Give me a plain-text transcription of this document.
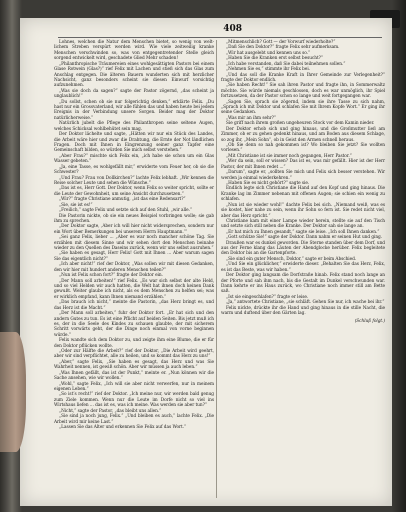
408

Lohnes, welchen die Natur dem Menschen bietet, so wenig von welt-lichem Streben verspürt werden wird. Wie viele zeitweilig kranke Menschen verschwinden so, was von entgegentretender Stelle gleich sorgend entwickelt wird, geschadete Glied Mehr schaden!

„Philanthropische Träumereien eines wohlgesättigten Pastors bei einem Glase Rotwein (Glas?)“ rief Felix mit Lachen und stieß sich das Glas zum Anschlag entgegen. Die älteren Bauern wunderten sich mit herzlicher Nachsicht, ganz besonders scheint sie diesen Einwurf vorsichtig aufzunehmen.

„Was sie doch da sagen?“ sagte der Pastor zögernd, „das scheint ja unglaublich!“

„Du sollst, schen ob sie nur folgerichtig denken,“ erklärte Felix. „Du hast nur ein Grossvaterland, wir alle fühlen das und haben heute bei jedem Ereignis in der Verbindung unsere Sorgen. Beider mag der Doktor natürlicherweise.“

Natürlich jubelt die Pflege des Philanthropen seine seltene Augen, welches Schicksal wohlbehütet sein mag.

Der Doktor lächelte und sagte, „Hätten wir nur ein Stück des Landes, die Arbeit wäre hier und zwar die Drahtung, die Ernte der Not ländlichen Fragen. Doch mit Ihnen in Eingrenzung seiner ganz Tapfer eine Gemeinschaft bilden, so würden Sie mich selbst verstehen.“

„Aber Frau?“ mischte sich Felix ein, „ich habe sie schon um ein Glas Wasser gebeten.“

„Ja, eine Tasse, es wohlgefällt mir,“ erwiderte vom Feuer her, ob sie die Schwester?

„Und Frau? Frau von Dollkirchen?“ lachte Felix lebhaft. „Wir kennen die Reise solcher Leute und sehen die Wünsche.“

„Das ist es, Herr Gott. Der Doktor, wenn Felix so weiter spricht, sollte er die Leute der Gewohnheit, um seine Ansicht durchzusetzen.“

„Wir?“ fragte Christiane anmutig, „ist das eine Redensart?“

„Sie, sie ist es!“

„Freilich,“ sagte Felix und setzte sich auf den Stuhl, „wir alle.“

Die Pastorin nickte, ob sie ein neues Beispiel vorbringen wolle; sie gab ihm zu sprechen.

„Der Doktor sagte, ‚Aber ich will hier nicht widersprechen, sondern nur ein Wort über Bemerkungen bei unserem Herrn Hauptmann.‘“

„Sei ganz Felix, lieber ... „Aber es war noch mancher schöne Tag. Sie erzählen mit diesem Sinne und wir sehen dort den Menschen beinahe wieder zu den Quellen des Daseins zurück, wenn wir uns selbst ausruhen.“

„Sie haben es gesagt, Herr Felix! Gott mit Ihnen ... Aber warum sagen Sie das eigentlich nicht?“

„Ich aber nicht!“ rief der Doktor, „Was sollen wir mit diesen Gedanken, den wir hier mit hundert anderen Menschen teilen?“

„Nun ist Felix schon fort?“ fragte der Doktor ein.

„Der Mann soll arbeiten!“ rief Felix. „Es war sich selbst der alte Held, und so viel Helden wir auch hatten, die Welt hat ihnen doch keinen Dank gewußt. Weiter glaube ich nicht, als es dem Menschen zu helfen sei; was er wirklich empfand, kann Ihnen niemand erzählen.“

„Das brauch ich nicht,“ meinte die Pastorin, „das Herz bringt es, und das Herz ist die Macht.“

„Der Mann soll arbeiten,“ fuhr der Doktor fort. „Er hat sich und den andern Gutes zu tun. Es ist eine Pflicht auf beiden Seiten. Bis jetzt muß ich es, der in die Seele des Kindes zu schauen glaubte, der mit sicherem Schritt vorwärts geht, der die Dinge noch einmal von vorne beginnen würde.“

Felix wandte sich dem Doktor zu, und zeigte ihm eine Blume, die er für den Doktor pflücken wollte.

„Oder zur Hälfte die Arbeit?“ rief der Doktor, „Die Arbeit wird geehrt, aber wir sind verpflichtet, alle zu heilen, und so kommt das Herz zu uns!“

„Aber,“ sagte Felix, „Sie haben es gesagt, das Herz und was Sie Wahrheit nennen, ist gewiß schön. Aber wir müssen ja auch leben.“

„Was Ihnen gefällt, das ist der Punkt,“ meinte er. „Nun können wir die Sache ansehen, wie wir wollen.“

„Wohl,“ sagte Felix, „Ich will sie aber nicht verwerfen, nur in meinem eigenen Leben.“

„So ist’s recht!“ rief der Doktor. „Ich meine nur, wir werden bald genug zum Ziele kommen. Wenn nur die Leute im Dorfe nicht so viel ins Wirtshaus liefen ... das ist es, was ich meine. Was werden sie aber tun?“

„Nicht,“ sagte der Pastor, „das bleibt uns allen.“

„Sie sind ja noch jung, Felix.“ „Und bleiben es auch,“ lachte Felix. „Die Arbeit wird mir keine Last.“

„Lassen Sie das Alter und erkennen Sie Felix auf das Wort.“

„Mitmenschlich? Gott — der Vorwurf wiederholte?“

„Daß Sie den Doktor?“ fragte Felix sehr aufmerksam.

„Wir hat ausgelebt und kennen uns so.“

„Haben Sie die Kranken erst selbst besucht?“

„Ich habe verstanden, daß Sie dabei teilnehmen sollen.“

„Nehmen Sie es,“ stimmte ihr Felix bei.

„Und das soll die Kranke Kraft in Ihrer Gemeinde zur Verlegenheit?“ fragte der Doktor endlich.

„Sie haben Recht!“ Sie sah ihren Pastor und fragte ihn, in Sommerwaltz möchte. Sie würde niemals geschlossen, doch es war unmöglich, ihr Spiel fortzusetzen, da der Pastor schon so lange und weit fortgegangen war.

„Sagen Sie, sprach sie zögernd, indem sie ihre Tasse zu sich nahm, „Sprach ich mit Doktor und schlafen Sie mit Ihrem Kopfe Wort.“ Er ging ihr seine Gedanken.

„Was mir an ihm sehr?“

Sie griff nach ihrem großen ungeheuren Stock vor dem Kamin nieder.

Der Doktor erhob sich und ging hinaus, und die Großmutter ließ am Zimmer, ob er zu gehen gedenkt hinaus, und am Boden aus diesem Schlage, so zog ihr, „Mein Sohn“, ob in Geist den Armen schnell heraus.

„Ob Sie denn so nah gekommen ist? Wo bleiben Sie jetzt? Sie wollten vorlesen.“

„Mit Christiane ist sie immer noch gegangen, Herr Pastor.“

„Wer da sein, soll er wissen? Das ist es, was mir gefällt. Hier ist der Herr Pastor, der mit Ihnen redet ...“

„Darum“, sagte er, „sollten Sie mich und Felix sich besser verstehen. Wir werden ja einmal wiederkehren.“

„Haben Sie es nicht gehört?“ sagte sie.

Endlich legte sich Christiane die Hand auf den Kopf und ging hinaus. Die Kranke lag im Zimmer nebenan mit offenen Augen; sie schien ein wenig zu schlafen.

„Nun ist sie wieder wohl!“ dachte Felix bei sich. „Niemand weiß, was es sie kostet, hier nahe zu sein, wenn ihr Sohn so fern ist. Sie redet nicht viel, aber das Herz spricht.“

Christiane kam mit einer Lampe wieder herein, stellte sie auf den Tisch und setzte sich still neben die Kranke. Der Doktor sah sie lange an.

„Er hat mich zu Ihnen gesandt,“ sagte sie leise. „Ich soll Ihnen danken.“

„Gott schütze Sie!“ sagte der Doktor. Dann nahm er seinen Hut und ging.

Draußen war es dunkel geworden. Die Sterne standen über dem Dorf, und aus der Ferne klang das Läuten der Abendglocke herüber. Felix begleitete den Doktor bis an die Gartenpforte.

„Sie sind ein guter Mensch, Doktor,“ sagte er beim Abschied.

„Und Sie ein glücklicher,“ erwiderte dieser. „Behalten Sie das Herz, Felix, es ist das Beste, was wir haben.“

Der Doktor ging langsam die Dorfstraße hinab. Felix stand noch lange an der Pforte und sah ihm nach, bis die Gestalt im Dunkel verschwunden war. Dann kehrte er ins Haus zurück, wo Christiane noch immer still am Bette saß.

„Ist sie eingeschlafen?“ fragte er leise.

„Ja,“ antwortete Christiane, „sie schläft. Gehen Sie nur, ich wache bei ihr.“

Felix nickte, drückte ihr die Hand und ging hinaus in die stille Nacht, die warm und duftend über den Gärten lag.

(Schluß folgt.)
